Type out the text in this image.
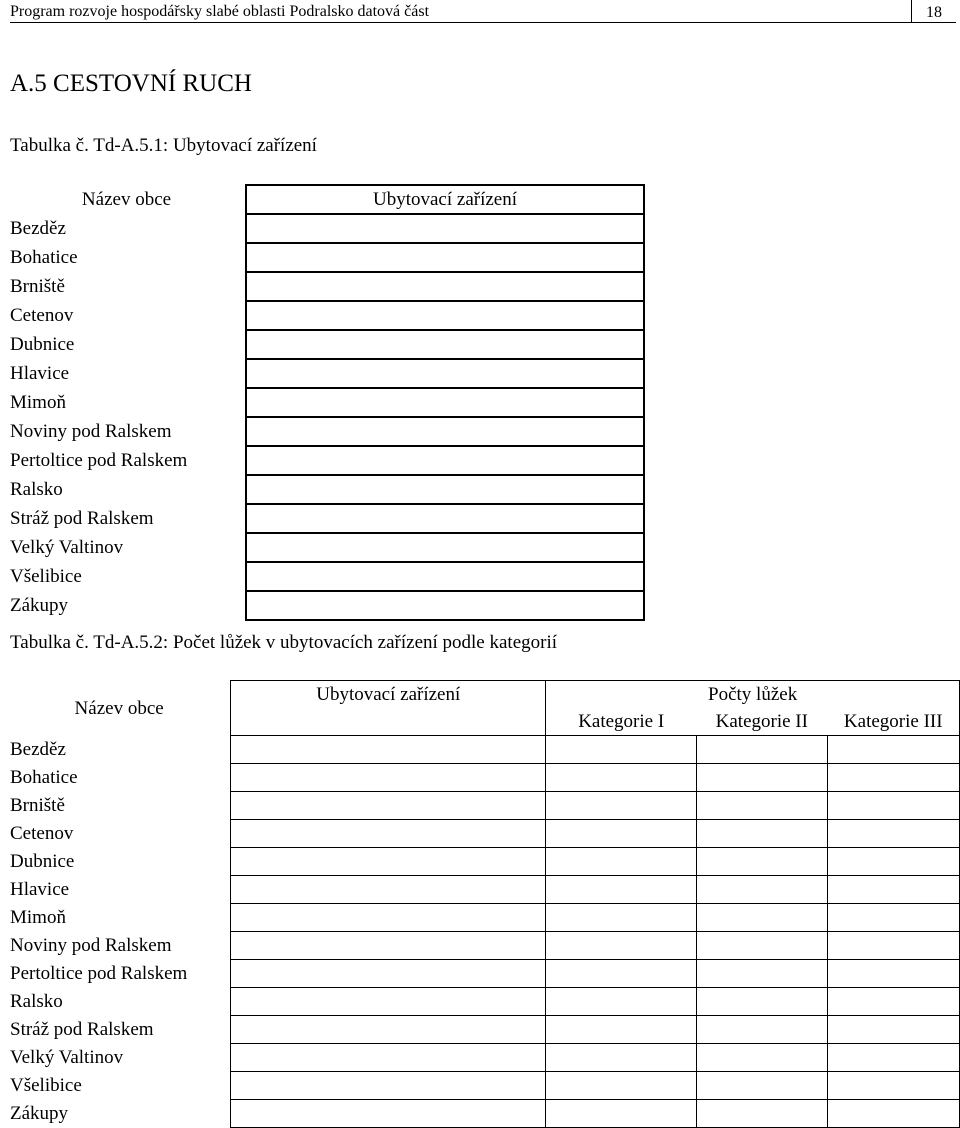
Program rozvoje hospodářsky slabé oblasti Podralsko datová část	18
A.5 CESTOVNÍ RUCH
Tabulka č. Td-A.5.1: Ubytovací zařízení
Název obce	Ubytovací zařízení
Bezděz	
Bohatice	
Brniště	
Cetenov	
Dubnice	
Hlavice	
Mimoň	
Noviny pod Ralskem	
Pertoltice pod Ralskem	
Ralsko	
Stráž pod Ralskem	
Velký Valtinov	
Všelibice	
Zákupy	
Tabulka č. Td-A.5.2: Počet lůžek v ubytovacích zařízení podle kategorií
Název obce	Ubytovací zařízení	Počty lůžek		
		Kategorie I	Kategorie II	Kategorie III
Bezděz				
Bohatice				
Brniště				
Cetenov				
Dubnice				
Hlavice				
Mimoň				
Noviny pod Ralskem				
Pertoltice pod Ralskem				
Ralsko				
Stráž pod Ralskem				
Velký Valtinov				
Všelibice				
Zákupy				
